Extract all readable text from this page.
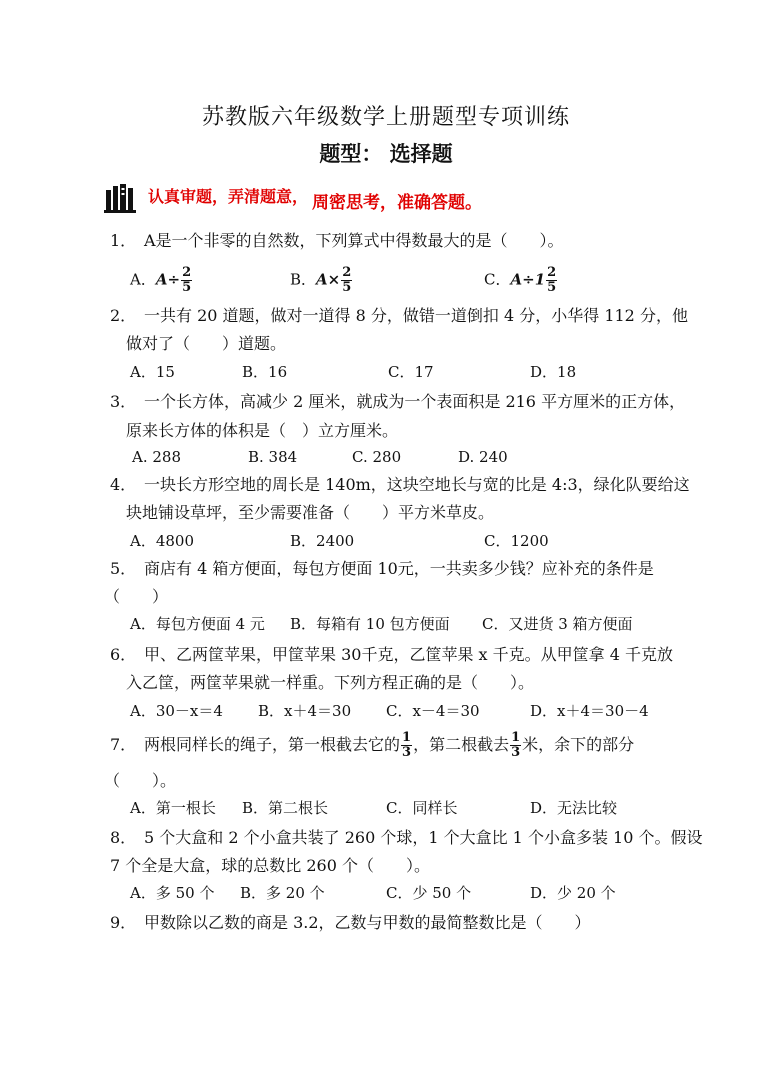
苏教版六年级数学上册题型专项训练
题型： 选择题
认真审题，弄清题意， 周密思考，准确答题。
1． A是一个非零的自然数，下列算式中得数最大的是（　　）。
A．$A\div \frac{2}{5}$	B．$A\times \frac{2}{5}$	C．$A\div 1 \frac{2}{5}$
2． 一共有 20 道题，做对一道得 8 分，做错一道倒扣 4 分，小华得 112 分，他
做对了（　　）道题。
A．15	B．16	C．17	D．18
3． 一个长方体，高减少 2 厘米，就成为一个表面积是 216 平方厘米的正方体，
原来长方体的体积是（　）立方厘米。
A. 288	B. 384	C. 280	D. 240
4． 一块长方形空地的周长是 140m，这块空地长与宽的比是 4:3，绿化队要给这
块地铺设草坪，至少需要准备（　　）平方米草皮。
A．4800	B．2400	C．1200
5． 商店有 4 箱方便面，每包方便面 10元，一共卖多少钱？应补充的条件是
（　　）
A．每包方便面 4 元 B．每箱有 10 包方便面 C．又进货 3 箱方便面
6． 甲、乙两筐苹果，甲筐苹果 30千克，乙筐苹果 x 千克。从甲筐拿 4 千克放
入乙筐，两筐苹果就一样重。下列方程正确的是（　　）。
A．30－x＝4 B．x＋4＝30 C．x－4＝30	D．x＋4＝30－4
7． 两根同样长的绳子，第一根截去它的 $\frac{1}{3}$ ，第二根截去 $\frac{1}{3}$ 米，余下的部分
（　　）。
A．第一根长 B．第二根长	C．同样长	D．无法比较
8． 5 个大盒和 2 个小盒共装了 260 个球，1 个大盒比 1 个小盒多装 10 个。假设
7 个全是大盒，球的总数比 260 个（　　）。
A．多 50 个 B．多 20 个	C．少 50 个	D．少 20 个
9． 甲数除以乙数的商是 3.2，乙数与甲数的最简整数比是（　　）
